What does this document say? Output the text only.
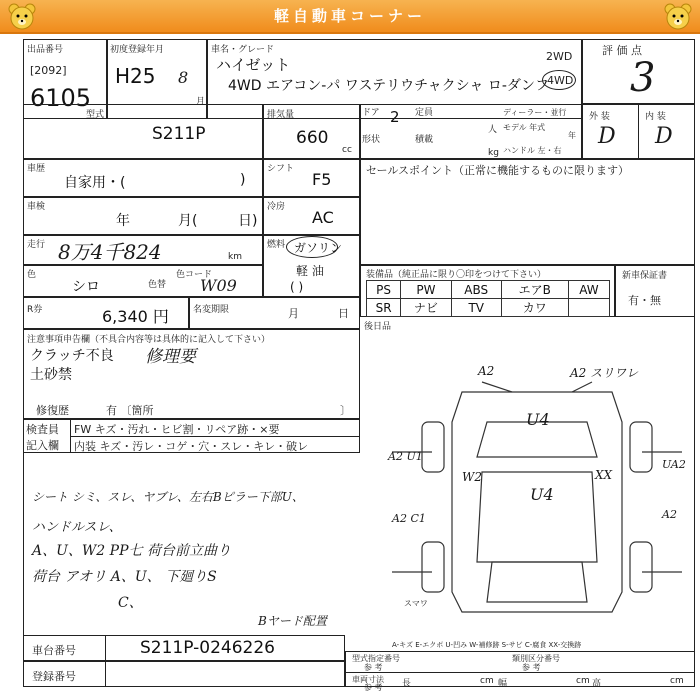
軽自動車コーナー
出品番号
[2092]
6105
初度登録年月
H25 8
月
車名・グレード
ハイゼット
4WD エアコン-パ ワステリウチャクシャ ロ-ダンフ
2WD
4WD
評 価 点
3
型式
S211P
排気量
660
cc
ドア 2 定員
人
形状	積載
kg
ディーラー・並行
モデル 年式
年
ハンドル 左・右
外 装	内 装
D D
車歴
自家用・(	)
シフト
F5
車検
年	月(	日)
冷房
AC
走行 8万4千824	km
燃料 ガソリン
軽 油
( )
色
シロ	色替
色コード
W09
R券	6,340 円	名変期限	月	日
注意事項申告欄（不具合内容等は具体的に記入して下さい）
クラッチ不良 修理要
土砂禁
修復歴	有 〔箇所	〕
検査員
記入欄
FW キズ・汚れ・ヒビ割・リペア跡・×要
内装 キズ・汚レ・コゲ・穴・スレ・キレ・破レ
シート シミ、スレ、ヤブレ、左右Bピラー下部U、
ハンドルスレ、
A、U、W2 PP七 荷台前立曲り
荷台 アオリ A、U、 下廻りS
C、
Bヤード配置
セールスポイント（正常に機能するものに限ります）
装備品（純正品に限り〇印をつけて下さい）
PS	PW	ABS	エアB	AW
SR	ナビ	TV	カワ	
新車保証書
有・無
後日品
A2	A2 スリワレ
U4
A2 U1
W2
U4
XX
UA2
A2
A2 C1
スマワ
車台番号	S211P-0246226
登録番号
A-キズ E-エクボ U-凹み W-補修跡 S-サビ C-腐食 XX-交換跡
型式指定番号
参 考
類別区分番号
参 考
車両寸法
参 考 長	cm 幅	cm 高	cm
